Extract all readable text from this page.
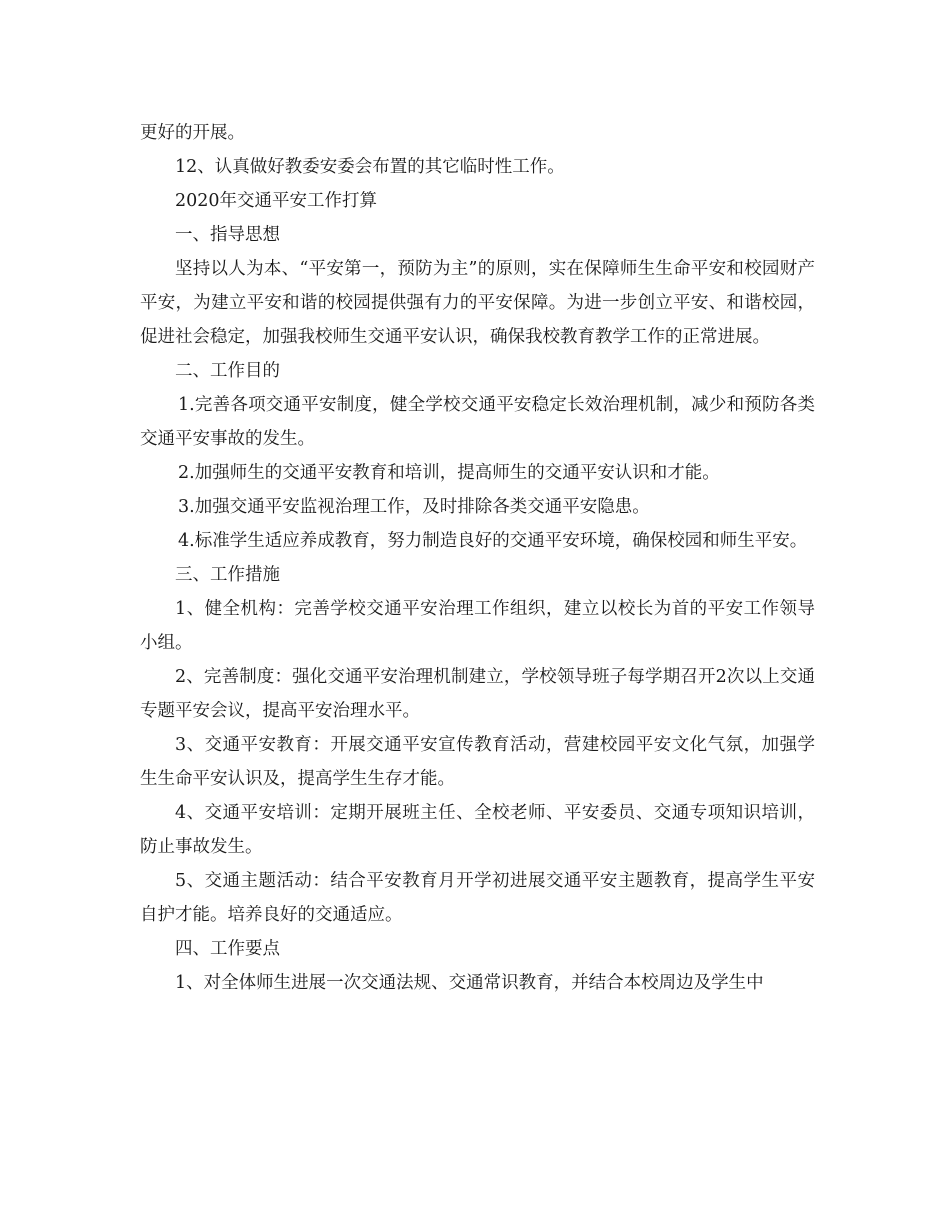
更好的开展。

12、认真做好教委安委会布置的其它临时性工作。

2020年交通平安工作打算

一、指导思想

坚持以人为本、“平安第一，预防为主”的原则，实在保障师生生命平安和校园财产平安，为建立平安和谐的校园提供强有力的平安保障。为进一步创立平安、和谐校园，促进社会稳定，加强我校师生交通平安认识，确保我校教育教学工作的正常进展。

二、工作目的

1.完善各项交通平安制度，健全学校交通平安稳定长效治理机制，减少和预防各类交通平安事故的发生。

2.加强师生的交通平安教育和培训，提高师生的交通平安认识和才能。

3.加强交通平安监视治理工作，及时排除各类交通平安隐患。

4.标准学生适应养成教育，努力制造良好的交通平安环境，确保校园和师生平安。

三、工作措施

1、健全机构：完善学校交通平安治理工作组织，建立以校长为首的平安工作领导小组。

2、完善制度：强化交通平安治理机制建立，学校领导班子每学期召开2次以上交通专题平安会议，提高平安治理水平。

3、交通平安教育：开展交通平安宣传教育活动，营建校园平安文化气氛，加强学生生命平安认识及，提高学生生存才能。

4、交通平安培训：定期开展班主任、全校老师、平安委员、交通专项知识培训，防止事故发生。

5、交通主题活动：结合平安教育月开学初进展交通平安主题教育，提高学生平安自护才能。培养良好的交通适应。

四、工作要点

1、对全体师生进展一次交通法规、交通常识教育，并结合本校周边及学生中
